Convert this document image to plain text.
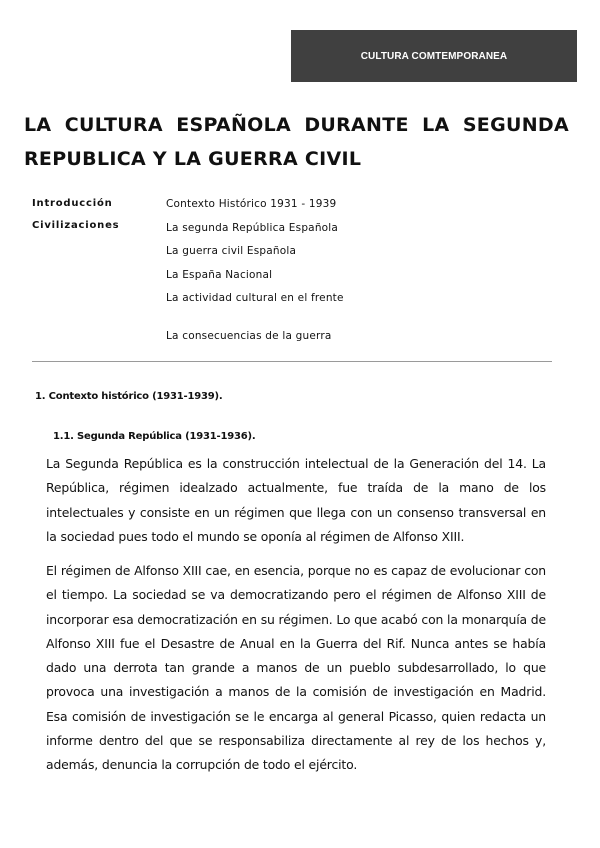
CULTURA COMTEMPORANEA
LA CULTURA ESPAÑOLA DURANTE LA SEGUNDA REPUBLICA Y LA GUERRA CIVIL
Introducción
Civilizaciones
Contexto Histórico 1931 - 1939
La segunda República Española
La guerra civil Española
La España Nacional
La actividad cultural en el frente
La consecuencias de la guerra
1. Contexto histórico (1931-1939).
1.1. Segunda República (1931-1936).

La Segunda República es la construcción intelectual de la Generación del 14. La República, régimen idealzado actualmente, fue traída de la mano de los intelectuales y consiste en un régimen que llega con un consenso transversal en la sociedad pues todo el mundo se oponía al régimen de Alfonso XIII.

El régimen de Alfonso XIII cae, en esencia, porque no es capaz de evolucionar con el tiempo. La sociedad se va democratizando pero el régimen de Alfonso XIII de incorporar esa democratización en su régimen. Lo que acabó con la monarquía de Alfonso XIII fue el Desastre de Anual en la Guerra del Rif. Nunca antes se había dado una derrota tan grande a manos de un pueblo subdesarrollado, lo que provoca una investigación a manos de la comisión de investigación en Madrid. Esa comisión de investigación se le encarga al general Picasso, quien redacta un informe dentro del que se responsabiliza directamente al rey de los hechos y, además, denuncia la corrupción de todo el ejército.
